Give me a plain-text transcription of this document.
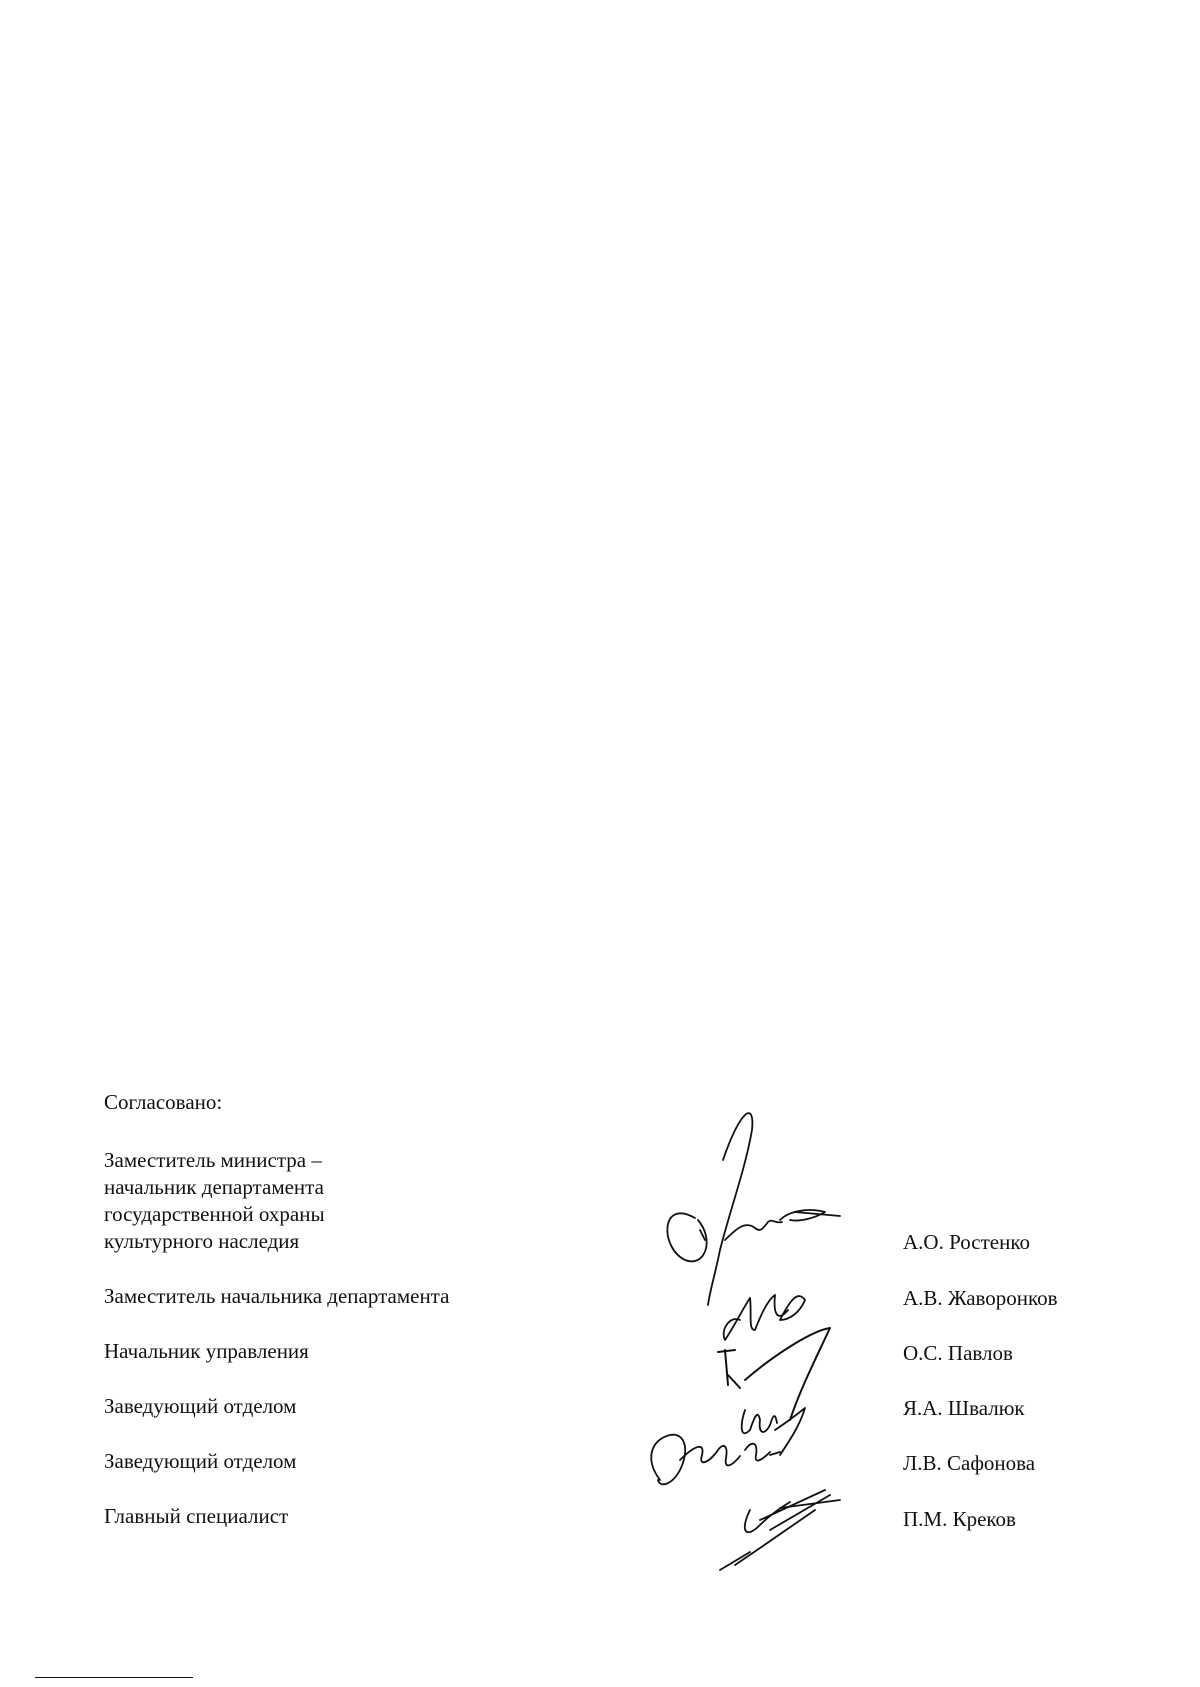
Согласовано:
Заместитель министра –
начальник департамента
государственной охраны
культурного наследия	А.О. Ростенко
Заместитель начальника департамента	А.В. Жаворонков
Начальник управления	О.С. Павлов
Заведующий отделом	Я.А. Швалюк
Заведующий отделом	Л.В. Сафонова
Главный специалист	П.М. Креков
